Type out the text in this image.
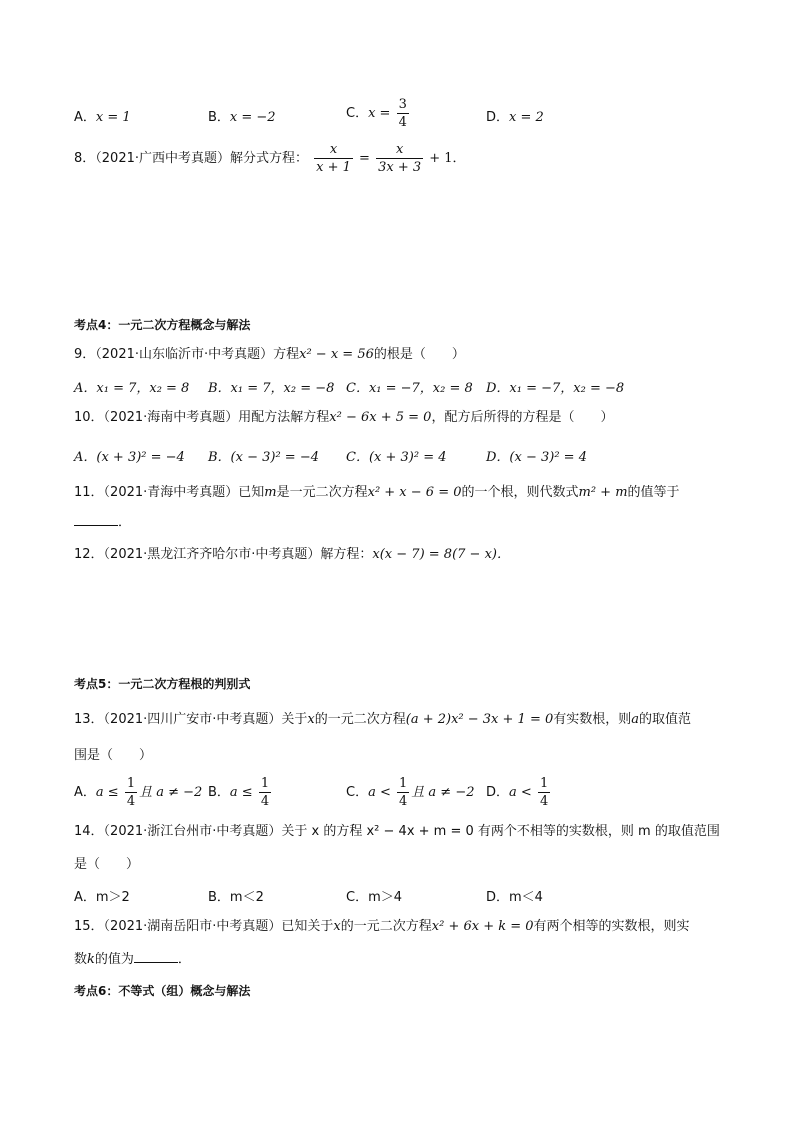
A．x = 1	B．x = −2	C．$x = \frac{3}{4}$	D．x = 2
8．（2021·广西中考真题）解分式方程： $\frac{x}{x + 1} = \frac{x}{3x + 3} + 1$．
考点4：一元二次方程概念与解法
9．（2021·山东临沂市·中考真题）方程x² − x = 56的根是（　　）
A．x₁ = 7，x₂ = 8 B．x₁ = 7，x₂ = −8 C．x₁ = −7，x₂ = 8 D．x₁ = −7，x₂ = −8
10．（2021·海南中考真题）用配方法解方程x² − 6x + 5 = 0，配方后所得的方程是（　　）
A．(x + 3)² = −4 B．(x − 3)² = −4 C．(x + 3)² = 4	D．(x − 3)² = 4
11．（2021·青海中考真题）已知m是一元二次方程x² + x − 6 = 0的一个根，则代数式m² + m的值等于
．
12．（2021·黑龙江齐齐哈尔市·中考真题）解方程：x(x − 7) = 8(7 − x)．
考点5：一元二次方程根的判别式
13．（2021·四川广安市·中考真题）关于x的一元二次方程(a + 2)x² − 3x + 1 = 0有实数根，则a的取值范
围是（　　）
A．$a \le \frac{1}{4}$ 且 a ≠ −2 B．$a \le \frac{1}{4}$	C．$a < \frac{1}{4}$ 且 a ≠ −2 D．$a < \frac{1}{4}$
14．（2021·浙江台州市·中考真题）关于 x 的方程 x² − 4x + m = 0 有两个不相等的实数根，则 m 的取值范围
是（　　）
A．m＞2	B．m＜2	C．m＞4	D．m＜4
15．（2021·湖南岳阳市·中考真题）已知关于x的一元二次方程x² + 6x + k = 0有两个相等的实数根，则实
数k的值为	．
考点6：不等式（组）概念与解法
